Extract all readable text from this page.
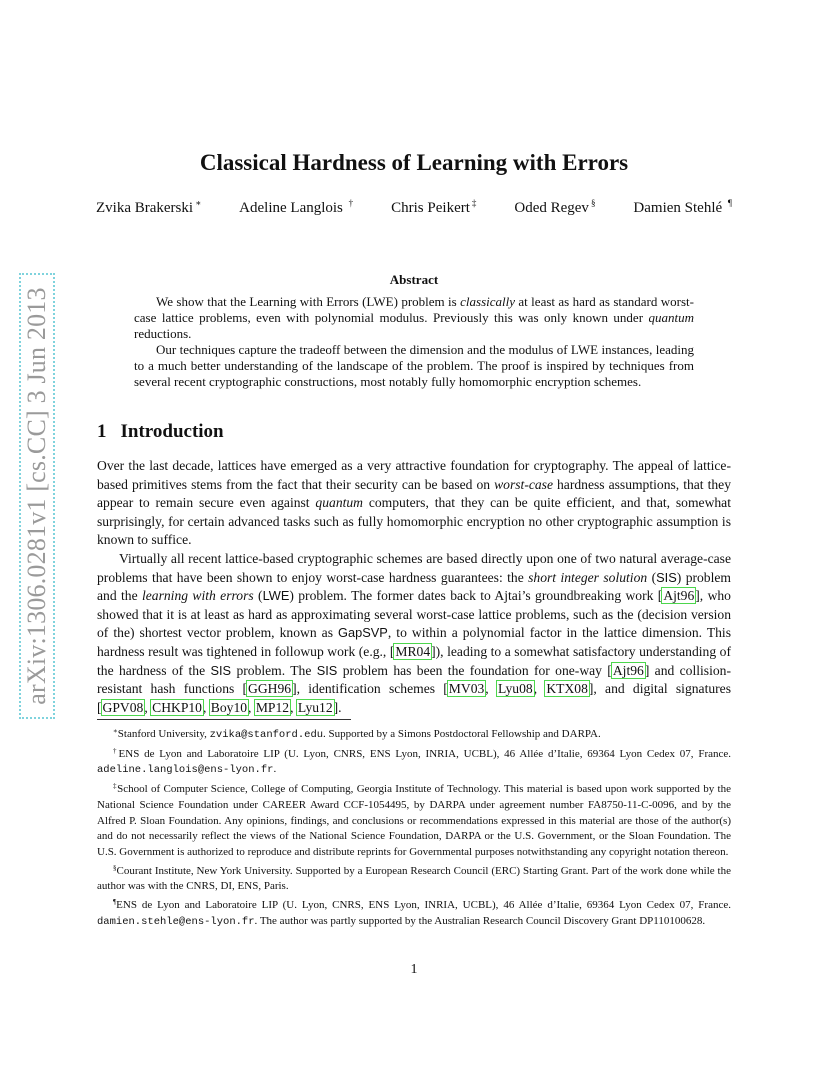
arXiv:1306.0281v1 [cs.CC] 3 Jun 2013
Classical Hardness of Learning with Errors
Zvika Brakerski ∗	Adeline Langlois †	Chris Peikert ‡	Oded Regev §	Damien Stehlé ¶
Abstract

We show that the Learning with Errors (LWE) problem is classically at least as hard as standard worst-case lattice problems, even with polynomial modulus. Previously this was only known under quantum reductions.

Our techniques capture the tradeoff between the dimension and the modulus of LWE instances, leading to a much better understanding of the landscape of the problem. The proof is inspired by techniques from several recent cryptographic constructions, most notably fully homomorphic encryption schemes.

1 Introduction

Over the last decade, lattices have emerged as a very attractive foundation for cryptography. The appeal of lattice-based primitives stems from the fact that their security can be based on worst-case hardness assumptions, that they appear to remain secure even against quantum computers, that they can be quite efficient, and that, somewhat surprisingly, for certain advanced tasks such as fully homomorphic encryption no other cryptographic assumption is known to suffice.

Virtually all recent lattice-based cryptographic schemes are based directly upon one of two natural average-case problems that have been shown to enjoy worst-case hardness guarantees: the short integer solution (SIS) problem and the learning with errors (LWE) problem. The former dates back to Ajtai’s groundbreaking work [Ajt96], who showed that it is at least as hard as approximating several worst-case lattice problems, such as the (decision version of the) shortest vector problem, known as GapSVP, to within a polynomial factor in the lattice dimension. This hardness result was tightened in followup work (e.g., [MR04]), leading to a somewhat satisfactory understanding of the hardness of the SIS problem. The SIS problem has been the foundation for one-way [Ajt96] and collision-resistant hash functions [GGH96], identification schemes [MV03, Lyu08, KTX08], and digital signatures [GPV08, CHKP10, Boy10, MP12, Lyu12].

∗Stanford University, zvika@stanford.edu. Supported by a Simons Postdoctoral Fellowship and DARPA.

†ENS de Lyon and Laboratoire LIP (U. Lyon, CNRS, ENS Lyon, INRIA, UCBL), 46 Allée d’Italie, 69364 Lyon Cedex 07, France. adeline.langlois@ens-lyon.fr.

‡School of Computer Science, College of Computing, Georgia Institute of Technology. This material is based upon work supported by the National Science Foundation under CAREER Award CCF-1054495, by DARPA under agreement number FA8750-11-C-0096, and by the Alfred P. Sloan Foundation. Any opinions, findings, and conclusions or recommendations expressed in this material are those of the author(s) and do not necessarily reflect the views of the National Science Foundation, DARPA or the U.S. Government, or the Sloan Foundation. The U.S. Government is authorized to reproduce and distribute reprints for Governmental purposes notwithstanding any copyright notation thereon.

§Courant Institute, New York University. Supported by a European Research Council (ERC) Starting Grant. Part of the work done while the author was with the CNRS, DI, ENS, Paris.

¶ENS de Lyon and Laboratoire LIP (U. Lyon, CNRS, ENS Lyon, INRIA, UCBL), 46 Allée d’Italie, 69364 Lyon Cedex 07, France. damien.stehle@ens-lyon.fr. The author was partly supported by the Australian Research Council Discovery Grant DP110100628.

1
